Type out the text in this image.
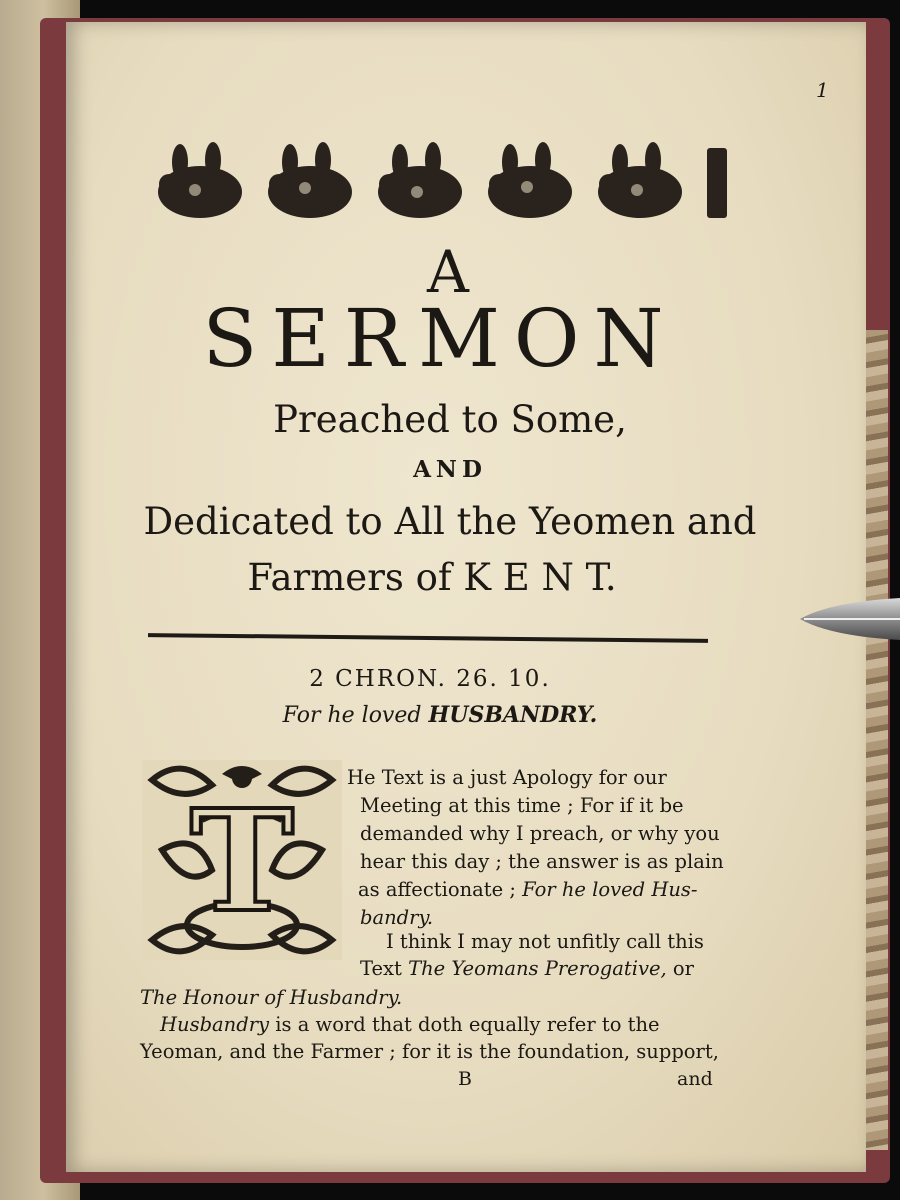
1

A

SERMON

Preached to Some,

AND

Dedicated to All the Yeomen and

Farmers of K E N T.

2 CHRON. 26. 10.

For he loved HUSBANDRY.

T

He Text is a just Apology for our

Meeting at this time ; For if it be

demanded why I preach, or why you

hear this day ; the answer is as plain

as affectionate ; For he loved Hus-

bandry.

I think I may not unfitly call this

Text The Yeomans Prerogative, or

The Honour of Husbandry.

Husbandry is a word that doth equally refer to the

Yeoman, and the Farmer ; for it is the foundation, support,

B	and
